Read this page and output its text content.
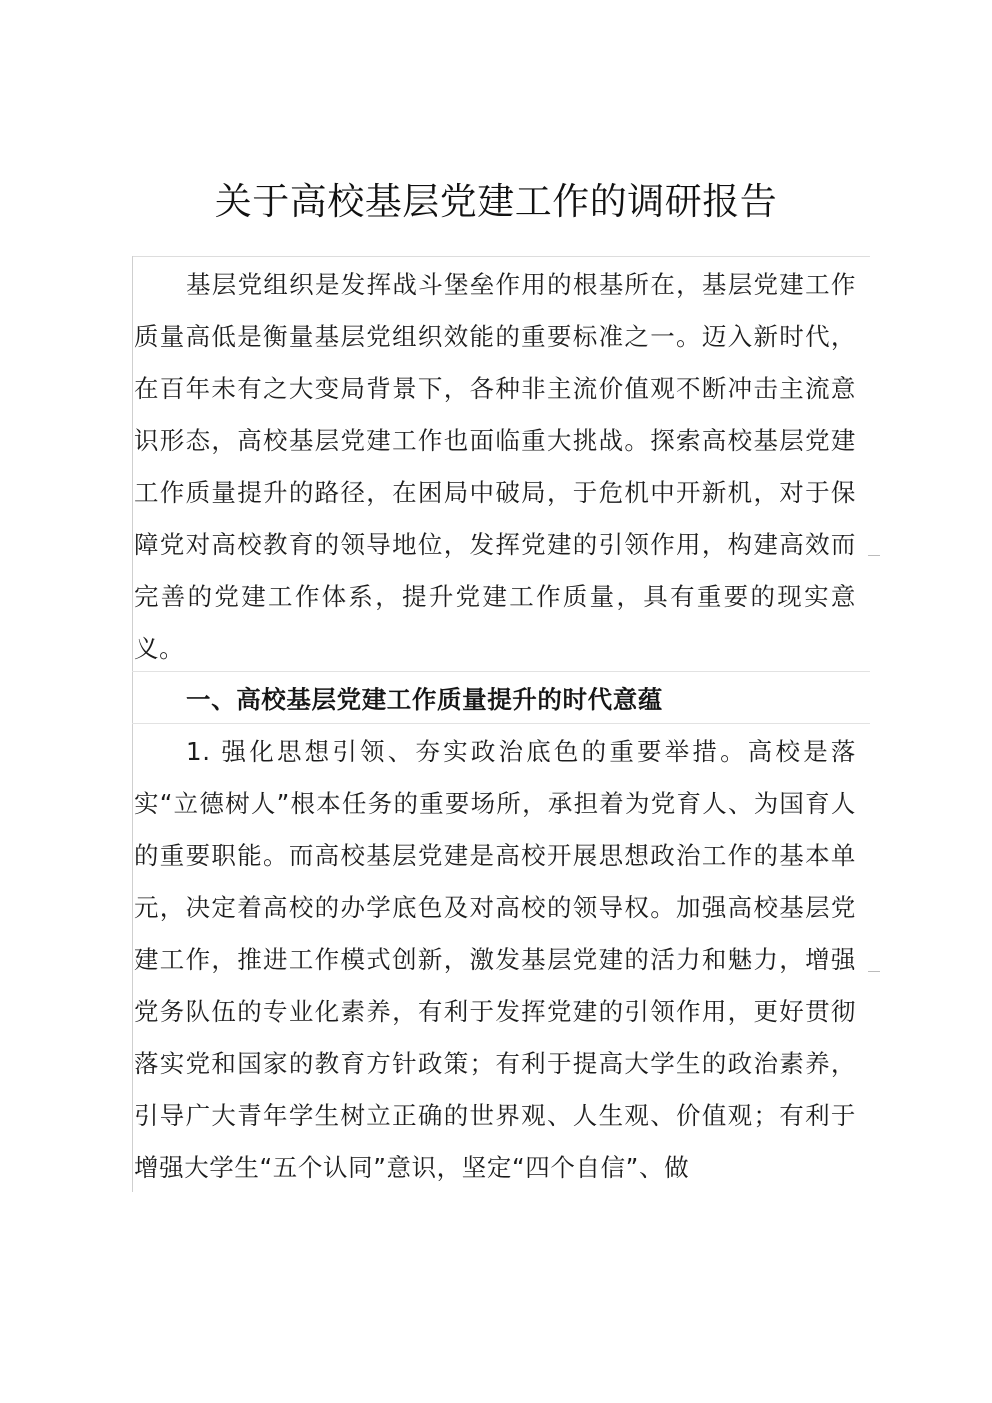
关于高校基层党建工作的调研报告

基层党组织是发挥战斗堡垒作用的根基所在，基层党建工作质量高低是衡量基层党组织效能的重要标准之一。迈入新时代，在百年未有之大变局背景下，各种非主流价值观不断冲击主流意识形态，高校基层党建工作也面临重大挑战。探索高校基层党建工作质量提升的路径，在困局中破局，于危机中开新机，对于保障党对高校教育的领导地位，发挥党建的引领作用，构建高效而完善的党建工作体系，提升党建工作质量，具有重要的现实意义。

一、高校基层党建工作质量提升的时代意蕴

1. 强化思想引领、夯实政治底色的重要举措。高校是落实“立德树人”根本任务的重要场所，承担着为党育人、为国育人的重要职能。而高校基层党建是高校开展思想政治工作的基本单元，决定着高校的办学底色及对高校的领导权。加强高校基层党建工作，推进工作模式创新，激发基层党建的活力和魅力，增强党务队伍的专业化素养，有利于发挥党建的引领作用，更好贯彻落实党和国家的教育方针政策；有利于提高大学生的政治素养，引导广大青年学生树立正确的世界观、人生观、价值观；有利于增强大学生“五个认同”意识，坚定“四个自信”、做
